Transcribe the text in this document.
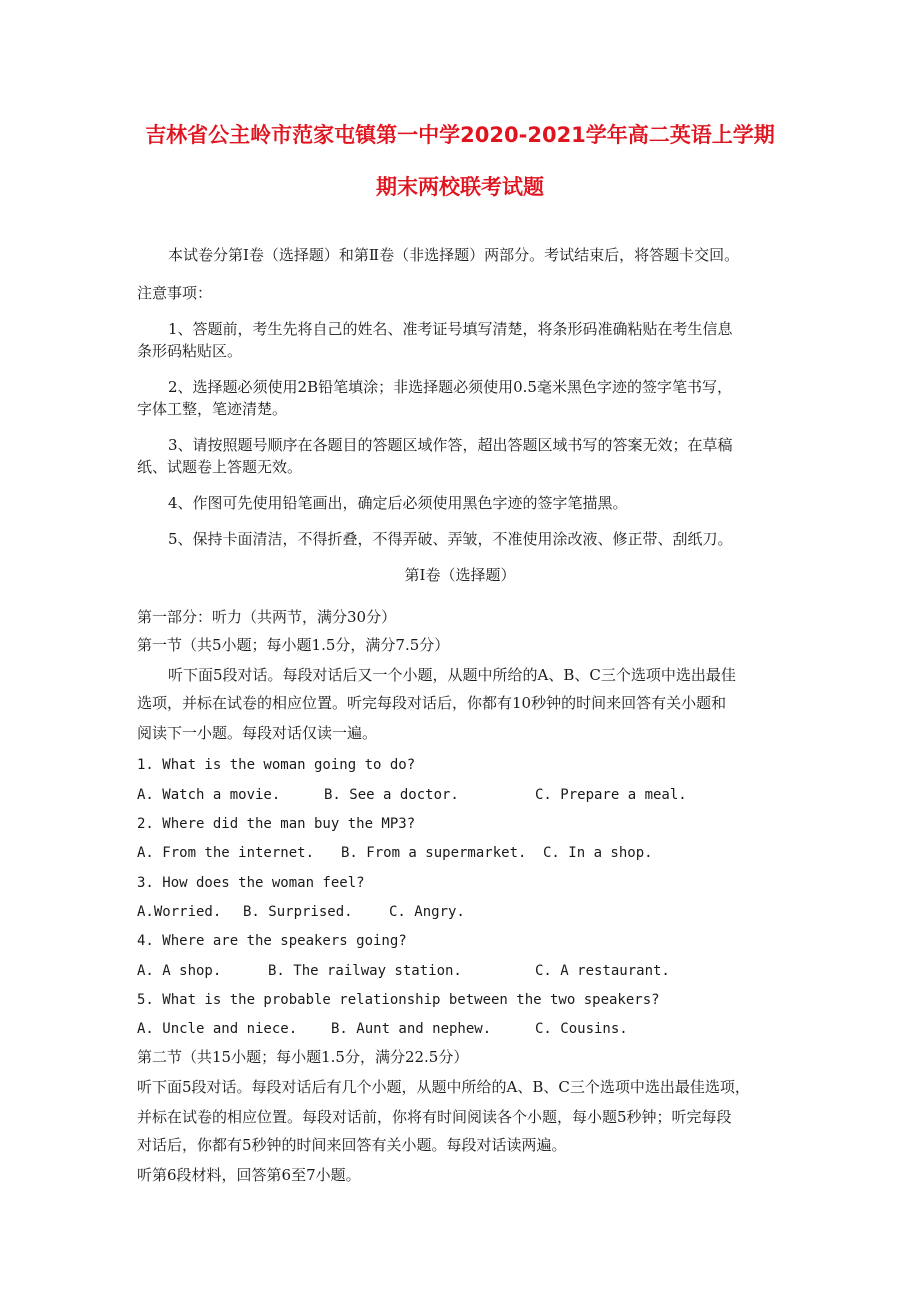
吉林省公主岭市范家屯镇第一中学2020-2021学年高二英语上学期
期末两校联考试题
本试卷分第Ⅰ卷（选择题）和第Ⅱ卷（非选择题）两部分。考试结束后，将答题卡交回。
注意事项：
1、答题前，考生先将自己的姓名、准考证号填写清楚，将条形码准确粘贴在考生信息
条形码粘贴区。
2、选择题必须使用2B铅笔填涂；非选择题必须使用0.5毫米黑色字迹的签字笔书写，
字体工整，笔迹清楚。
3、请按照题号顺序在各题目的答题区域作答，超出答题区域书写的答案无效；在草稿
纸、试题卷上答题无效。
4、作图可先使用铅笔画出，确定后必须使用黑色字迹的签字笔描黑。
5、保持卡面清洁，不得折叠，不得弄破、弄皱，不准使用涂改液、修正带、刮纸刀。
第Ⅰ卷（选择题）
第一部分：听力（共两节，满分30分）
第一节（共5小题；每小题1.5分，满分7.5分）
听下面5段对话。每段对话后又一个小题，从题中所给的A、B、C三个选项中选出最佳
选项，并标在试卷的相应位置。听完每段对话后，你都有10秒钟的时间来回答有关小题和
阅读下一小题。每段对话仅读一遍。
1. What is the woman going to do?
A. Watch a movie.	B. See a doctor.	C. Prepare a meal.
2. Where did the man buy the MP3?
A. From the internet. B. From a supermarket. C. In a shop.
3. How does the woman feel?
A.Worried. B. Surprised.	C. Angry.
4. Where are the speakers going?
A. A shop.	B. The railway station.	C. A restaurant.
5. What is the probable relationship between the two speakers?
A. Uncle and niece. B. Aunt and nephew.	C. Cousins.
第二节（共15小题；每小题1.5分，满分22.5分）
听下面5段对话。每段对话后有几个小题，从题中所给的A、B、C三个选项中选出最佳选项，
并标在试卷的相应位置。每段对话前，你将有时间阅读各个小题，每小题5秒钟；听完每段
对话后，你都有5秒钟的时间来回答有关小题。每段对话读两遍。
听第6段材料，回答第6至7小题。
